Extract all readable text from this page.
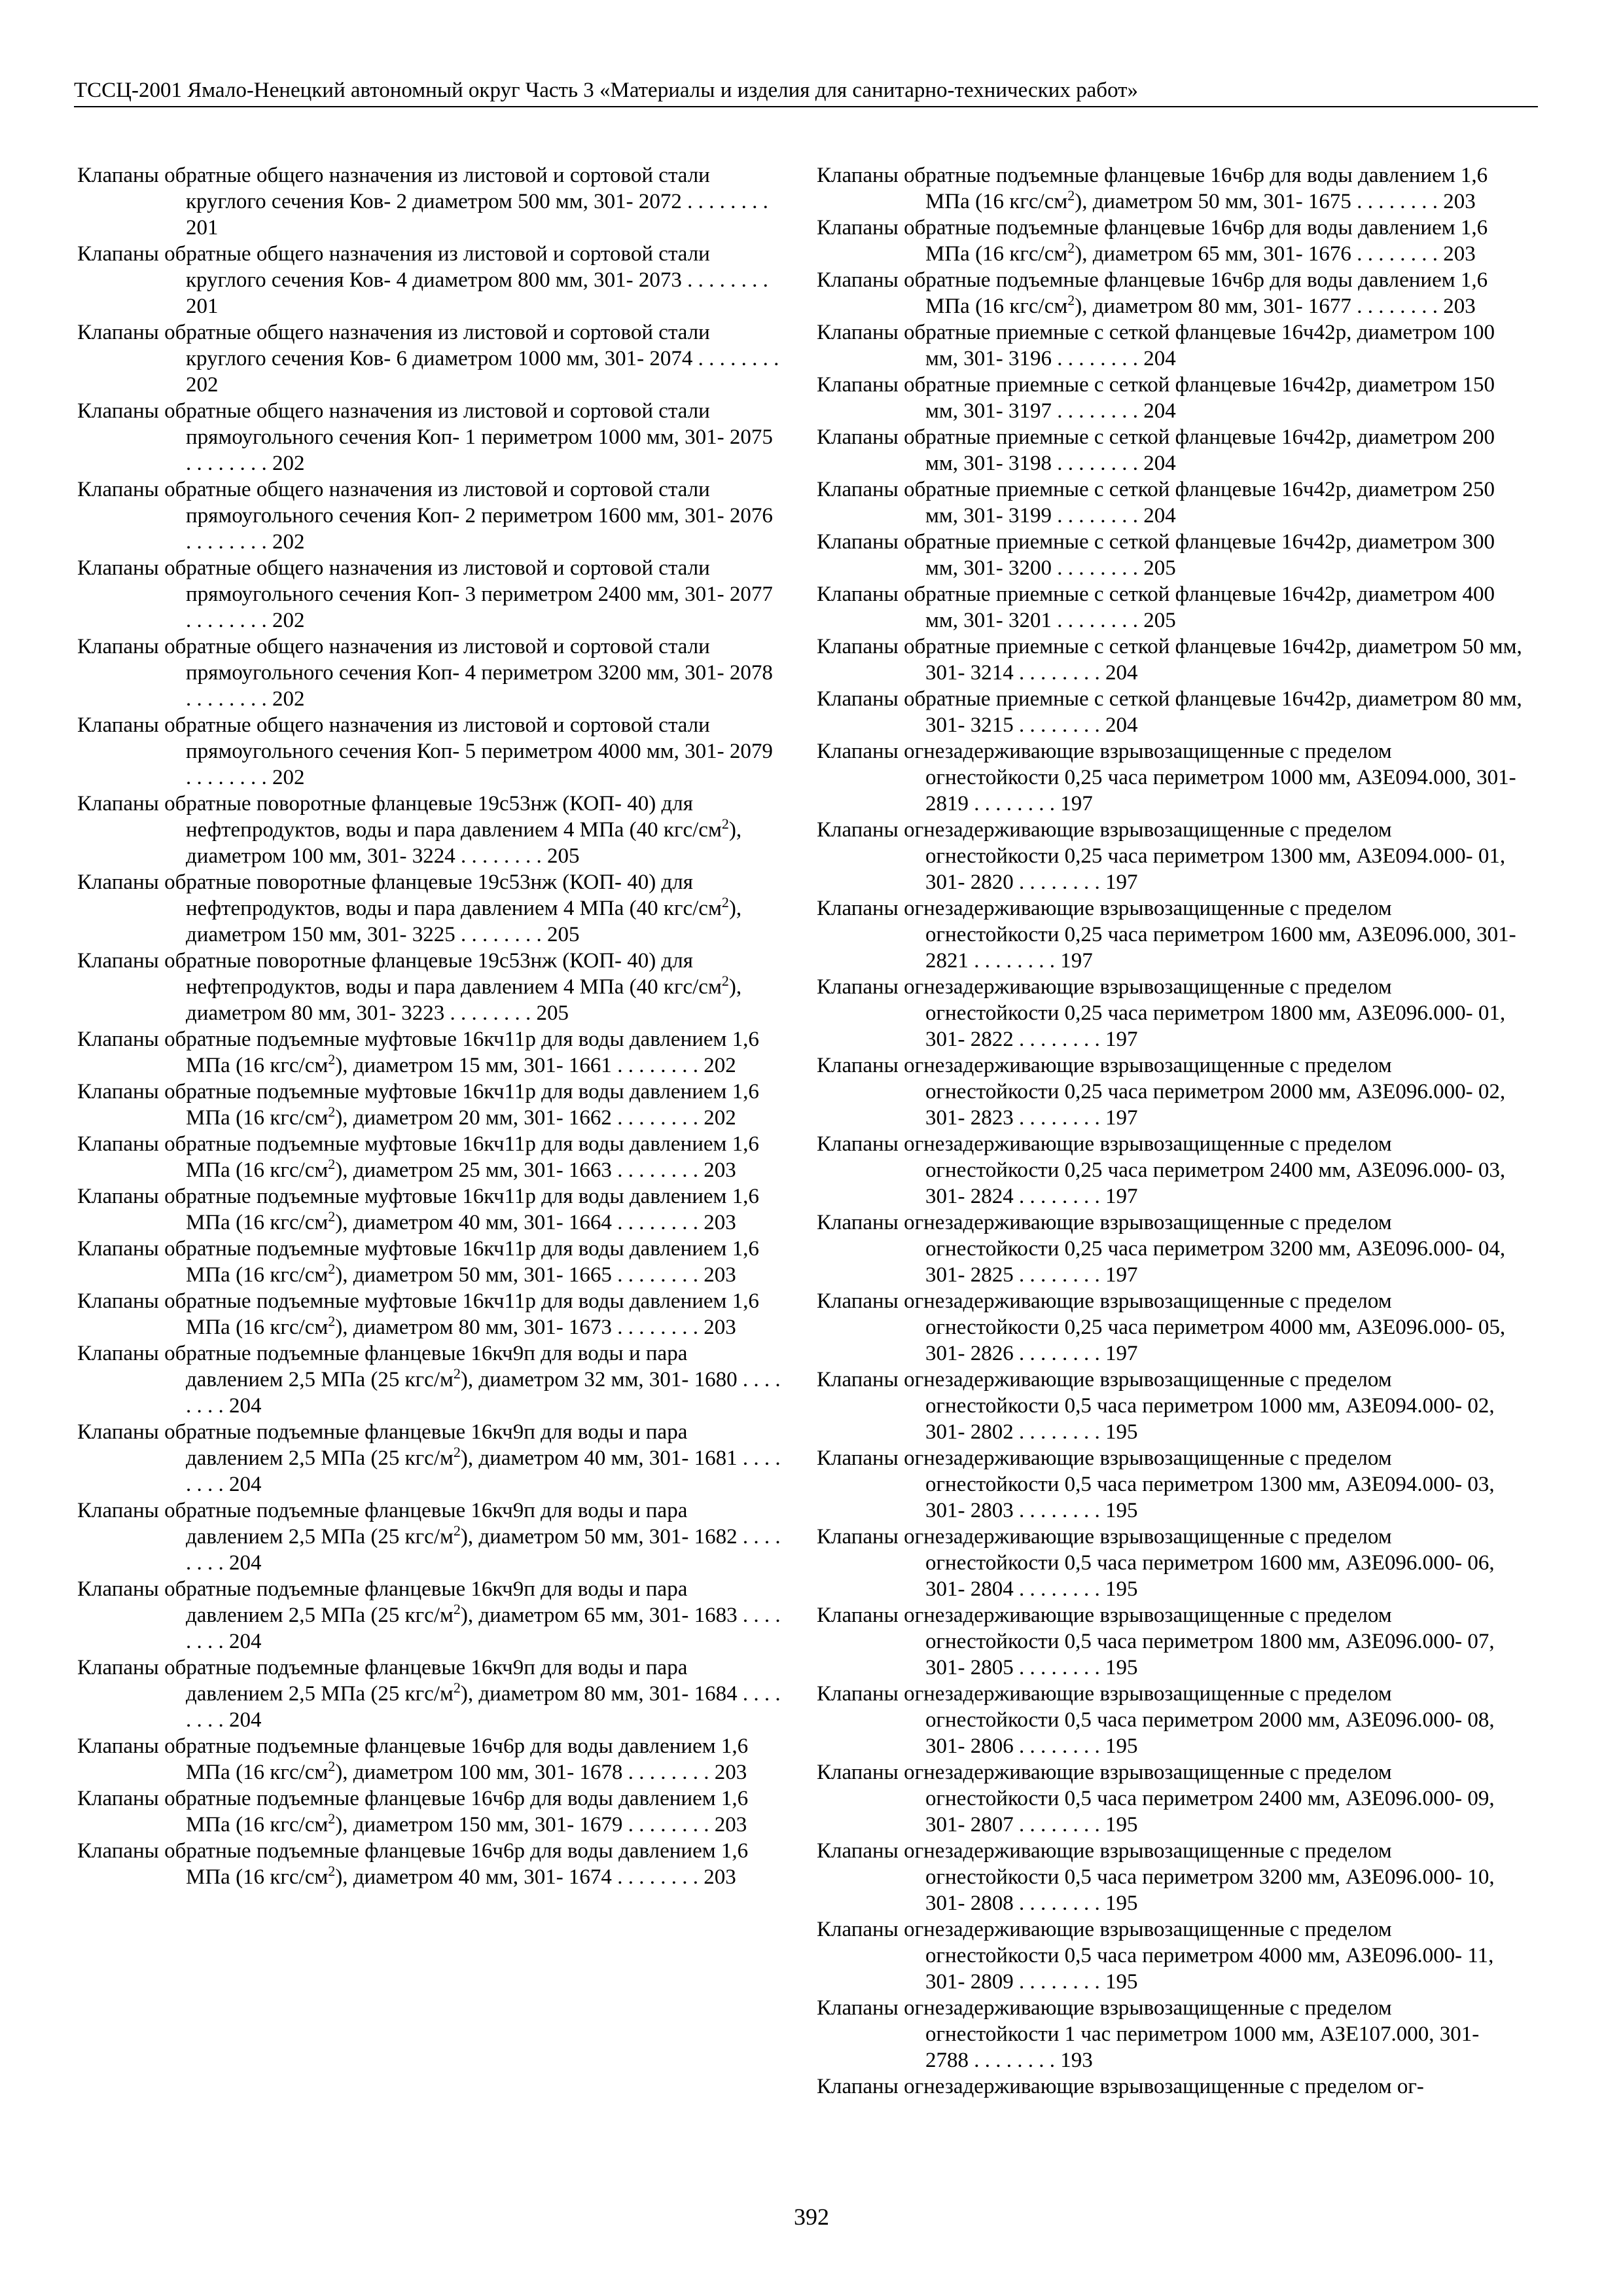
ТССЦ-2001 Ямало-Ненецкий автономный округ Часть 3 «Материалы и изделия для санитарно-технических работ»

Клапаны обратные общего назначения из листовой и сортовой стали круглого сечения Ков- 2 диаметром 500 мм, 301- 2072 . . . . . . . . 201

Клапаны обратные общего назначения из листовой и сортовой стали круглого сечения Ков- 4 диаметром 800 мм, 301- 2073 . . . . . . . . 201

Клапаны обратные общего назначения из листовой и сортовой стали круглого сечения Ков- 6 диаметром 1000 мм, 301- 2074 . . . . . . . . 202

Клапаны обратные общего назначения из листовой и сортовой стали прямоугольного сечения Коп- 1 периметром 1000 мм, 301- 2075 . . . . . . . . 202

Клапаны обратные общего назначения из листовой и сортовой стали прямоугольного сечения Коп- 2 периметром 1600 мм, 301- 2076 . . . . . . . . 202

Клапаны обратные общего назначения из листовой и сортовой стали прямоугольного сечения Коп- 3 периметром 2400 мм, 301- 2077 . . . . . . . . 202

Клапаны обратные общего назначения из листовой и сортовой стали прямоугольного сечения Коп- 4 периметром 3200 мм, 301- 2078 . . . . . . . . 202

Клапаны обратные общего назначения из листовой и сортовой стали прямоугольного сечения Коп- 5 периметром 4000 мм, 301- 2079 . . . . . . . . 202

Клапаны обратные поворотные фланцевые 19с53нж (КОП- 40) для нефтепродуктов, воды и пара давлением 4 МПа (40 кгс/$см^2$), диаметром 100 мм, 301- 3224 . . . . . . . . 205

Клапаны обратные поворотные фланцевые 19с53нж (КОП- 40) для нефтепродуктов, воды и пара давлением 4 МПа (40 кгс/$см^2$), диаметром 150 мм, 301- 3225 . . . . . . . . 205

Клапаны обратные поворотные фланцевые 19с53нж (КОП- 40) для нефтепродуктов, воды и пара давлением 4 МПа (40 кгс/$см^2$), диаметром 80 мм, 301- 3223 . . . . . . . . 205

Клапаны обратные подъемные муфтовые 16кч11р для воды давлением 1,6 МПа (16 кгс/$см^2$), диаметром 15 мм, 301- 1661 . . . . . . . . 202

Клапаны обратные подъемные муфтовые 16кч11р для воды давлением 1,6 МПа (16 кгс/$см^2$), диаметром 20 мм, 301- 1662 . . . . . . . . 202

Клапаны обратные подъемные муфтовые 16кч11р для воды давлением 1,6 МПа (16 кгс/$см^2$), диаметром 25 мм, 301- 1663 . . . . . . . . 203

Клапаны обратные подъемные муфтовые 16кч11р для воды давлением 1,6 МПа (16 кгс/$см^2$), диаметром 40 мм, 301- 1664 . . . . . . . . 203

Клапаны обратные подъемные муфтовые 16кч11р для воды давлением 1,6 МПа (16 кгс/$см^2$), диаметром 50 мм, 301- 1665 . . . . . . . . 203

Клапаны обратные подъемные муфтовые 16кч11р для воды давлением 1,6 МПа (16 кгс/$см^2$), диаметром 80 мм, 301- 1673 . . . . . . . . 203

Клапаны обратные подъемные фланцевые 16кч9п для воды и пара давлением 2,5 МПа (25 кгс/$м^2$), диаметром 32 мм, 301- 1680 . . . . . . . . 204

Клапаны обратные подъемные фланцевые 16кч9п для воды и пара давлением 2,5 МПа (25 кгс/$м^2$), диаметром 40 мм, 301- 1681 . . . . . . . . 204

Клапаны обратные подъемные фланцевые 16кч9п для воды и пара давлением 2,5 МПа (25 кгс/$м^2$), диаметром 50 мм, 301- 1682 . . . . . . . . 204

Клапаны обратные подъемные фланцевые 16кч9п для воды и пара давлением 2,5 МПа (25 кгс/$м^2$), диаметром 65 мм, 301- 1683 . . . . . . . . 204

Клапаны обратные подъемные фланцевые 16кч9п для воды и пара давлением 2,5 МПа (25 кгс/$м^2$), диаметром 80 мм, 301- 1684 . . . . . . . . 204

Клапаны обратные подъемные фланцевые 16ч6р для воды давлением 1,6 МПа (16 кгс/$см^2$), диаметром 100 мм, 301- 1678 . . . . . . . . 203

Клапаны обратные подъемные фланцевые 16ч6р для воды давлением 1,6 МПа (16 кгс/$см^2$), диаметром 150 мм, 301- 1679 . . . . . . . . 203

Клапаны обратные подъемные фланцевые 16ч6р для воды давлением 1,6 МПа (16 кгс/$см^2$), диаметром 40 мм, 301- 1674 . . . . . . . . 203

Клапаны обратные подъемные фланцевые 16ч6р для воды давлением 1,6 МПа (16 кгс/$см^2$), диаметром 50 мм, 301- 1675 . . . . . . . . 203

Клапаны обратные подъемные фланцевые 16ч6р для воды давлением 1,6 МПа (16 кгс/$см^2$), диаметром 65 мм, 301- 1676 . . . . . . . . 203

Клапаны обратные подъемные фланцевые 16ч6р для воды давлением 1,6 МПа (16 кгс/$см^2$), диаметром 80 мм, 301- 1677 . . . . . . . . 203

Клапаны обратные приемные с сеткой фланцевые 16ч42р, диаметром 100 мм, 301- 3196 . . . . . . . . 204

Клапаны обратные приемные с сеткой фланцевые 16ч42р, диаметром 150 мм, 301- 3197 . . . . . . . . 204

Клапаны обратные приемные с сеткой фланцевые 16ч42р, диаметром 200 мм, 301- 3198 . . . . . . . . 204

Клапаны обратные приемные с сеткой фланцевые 16ч42р, диаметром 250 мм, 301- 3199 . . . . . . . . 204

Клапаны обратные приемные с сеткой фланцевые 16ч42р, диаметром 300 мм, 301- 3200 . . . . . . . . 205

Клапаны обратные приемные с сеткой фланцевые 16ч42р, диаметром 400 мм, 301- 3201 . . . . . . . . 205

Клапаны обратные приемные с сеткой фланцевые 16ч42р, диаметром 50 мм, 301- 3214 . . . . . . . . 204

Клапаны обратные приемные с сеткой фланцевые 16ч42р, диаметром 80 мм, 301- 3215 . . . . . . . . 204

Клапаны огнезадерживающие взрывозащищенные с пределом огнестойкости 0,25 часа периметром 1000 мм, АЗЕ094.000, 301- 2819 . . . . . . . . 197

Клапаны огнезадерживающие взрывозащищенные с пределом огнестойкости 0,25 часа периметром 1300 мм, АЗЕ094.000- 01, 301- 2820 . . . . . . . . 197

Клапаны огнезадерживающие взрывозащищенные с пределом огнестойкости 0,25 часа периметром 1600 мм, АЗЕ096.000, 301- 2821 . . . . . . . . 197

Клапаны огнезадерживающие взрывозащищенные с пределом огнестойкости 0,25 часа периметром 1800 мм, АЗЕ096.000- 01, 301- 2822 . . . . . . . . 197

Клапаны огнезадерживающие взрывозащищенные с пределом огнестойкости 0,25 часа периметром 2000 мм, АЗЕ096.000- 02, 301- 2823 . . . . . . . . 197

Клапаны огнезадерживающие взрывозащищенные с пределом огнестойкости 0,25 часа периметром 2400 мм, АЗЕ096.000- 03, 301- 2824 . . . . . . . . 197

Клапаны огнезадерживающие взрывозащищенные с пределом огнестойкости 0,25 часа периметром 3200 мм, АЗЕ096.000- 04, 301- 2825 . . . . . . . . 197

Клапаны огнезадерживающие взрывозащищенные с пределом огнестойкости 0,25 часа периметром 4000 мм, АЗЕ096.000- 05, 301- 2826 . . . . . . . . 197

Клапаны огнезадерживающие взрывозащищенные с пределом огнестойкости 0,5 часа периметром 1000 мм, АЗЕ094.000- 02, 301- 2802 . . . . . . . . 195

Клапаны огнезадерживающие взрывозащищенные с пределом огнестойкости 0,5 часа периметром 1300 мм, АЗЕ094.000- 03, 301- 2803 . . . . . . . . 195

Клапаны огнезадерживающие взрывозащищенные с пределом огнестойкости 0,5 часа периметром 1600 мм, АЗЕ096.000- 06, 301- 2804 . . . . . . . . 195

Клапаны огнезадерживающие взрывозащищенные с пределом огнестойкости 0,5 часа периметром 1800 мм, АЗЕ096.000- 07, 301- 2805 . . . . . . . . 195

Клапаны огнезадерживающие взрывозащищенные с пределом огнестойкости 0,5 часа периметром 2000 мм, АЗЕ096.000- 08, 301- 2806 . . . . . . . . 195

Клапаны огнезадерживающие взрывозащищенные с пределом огнестойкости 0,5 часа периметром 2400 мм, АЗЕ096.000- 09, 301- 2807 . . . . . . . . 195

Клапаны огнезадерживающие взрывозащищенные с пределом огнестойкости 0,5 часа периметром 3200 мм, АЗЕ096.000- 10, 301- 2808 . . . . . . . . 195

Клапаны огнезадерживающие взрывозащищенные с пределом огнестойкости 0,5 часа периметром 4000 мм, АЗЕ096.000- 11, 301- 2809 . . . . . . . . 195

Клапаны огнезадерживающие взрывозащищенные с пределом огнестойкости 1 час периметром 1000 мм, АЗЕ107.000, 301- 2788 . . . . . . . . 193

Клапаны огнезадерживающие взрывозащищенные с пределом ог-

392
